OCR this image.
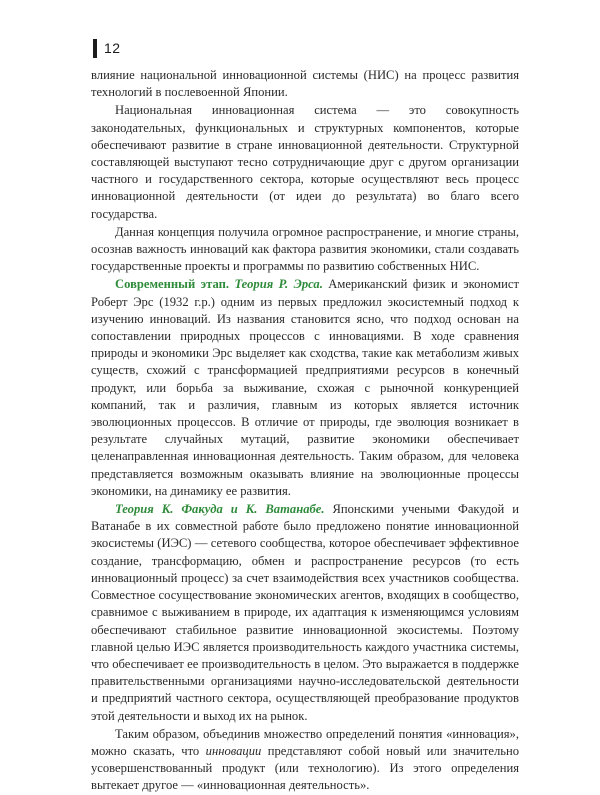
12

влияние национальной инновационной системы (НИС) на процесс развития технологий в послевоенной Японии.

Национальная инновационная система — это совокупность законодательных, функциональных и структурных компонентов, которые обеспечивают развитие в стране инновационной деятельности. Структурной составляющей выступают тесно сотрудничающие друг с другом организации частного и государственного сектора, которые осуществляют весь процесс инновационной деятельности (от идеи до результата) во благо всего государства.

Данная концепция получила огромное распространение, и многие страны, осознав важность инноваций как фактора развития экономики, стали создавать государственные проекты и программы по развитию собственных НИС.

Современный этап. Теория Р. Эрса. Американский физик и экономист Роберт Эрс (1932 г.р.) одним из первых предложил экосистемный подход к изучению инноваций. Из названия становится ясно, что подход основан на сопоставлении природных процессов с инновациями. В ходе сравнения природы и экономики Эрс выделяет как сходства, такие как метаболизм живых существ, схожий с трансформацией предприятиями ресурсов в конечный продукт, или борьба за выживание, схожая с рыночной конкуренцией компаний, так и различия, главным из которых является источник эволюционных процессов. В отличие от природы, где эволюция возникает в результате случайных мутаций, развитие экономики обеспечивает целенаправленная инновационная деятельность. Таким образом, для человека представляется возможным оказывать влияние на эволюционные процессы экономики, на динамику ее развития.

Теория К. Факуда и К. Ватанабе. Японскими учеными Факудой и Ватанабе в их совместной работе было предложено понятие инновационной экосистемы (ИЭС) — сетевого сообщества, которое обеспечивает эффективное создание, трансформацию, обмен и распространение ресурсов (то есть инновационный процесс) за счет взаимодействия всех участников сообщества. Совместное сосуществование экономических агентов, входящих в сообщество, сравнимое с выживанием в природе, их адаптация к изменяющимся условиям обеспечивают стабильное развитие инновационной экосистемы. Поэтому главной целью ИЭС является производительность каждого участника системы, что обеспечивает ее производительность в целом. Это выражается в поддержке правительственными организациями научно-исследовательской деятельности и предприятий частного сектора, осуществляющей преобразование продуктов этой деятельности и выход их на рынок.

Таким образом, объединив множество определений понятия «инновация», можно сказать, что инновации представляют собой новый или значительно усовершенствованный продукт (или технологию). Из этого определения вытекает другое — «инновационная деятельность».
